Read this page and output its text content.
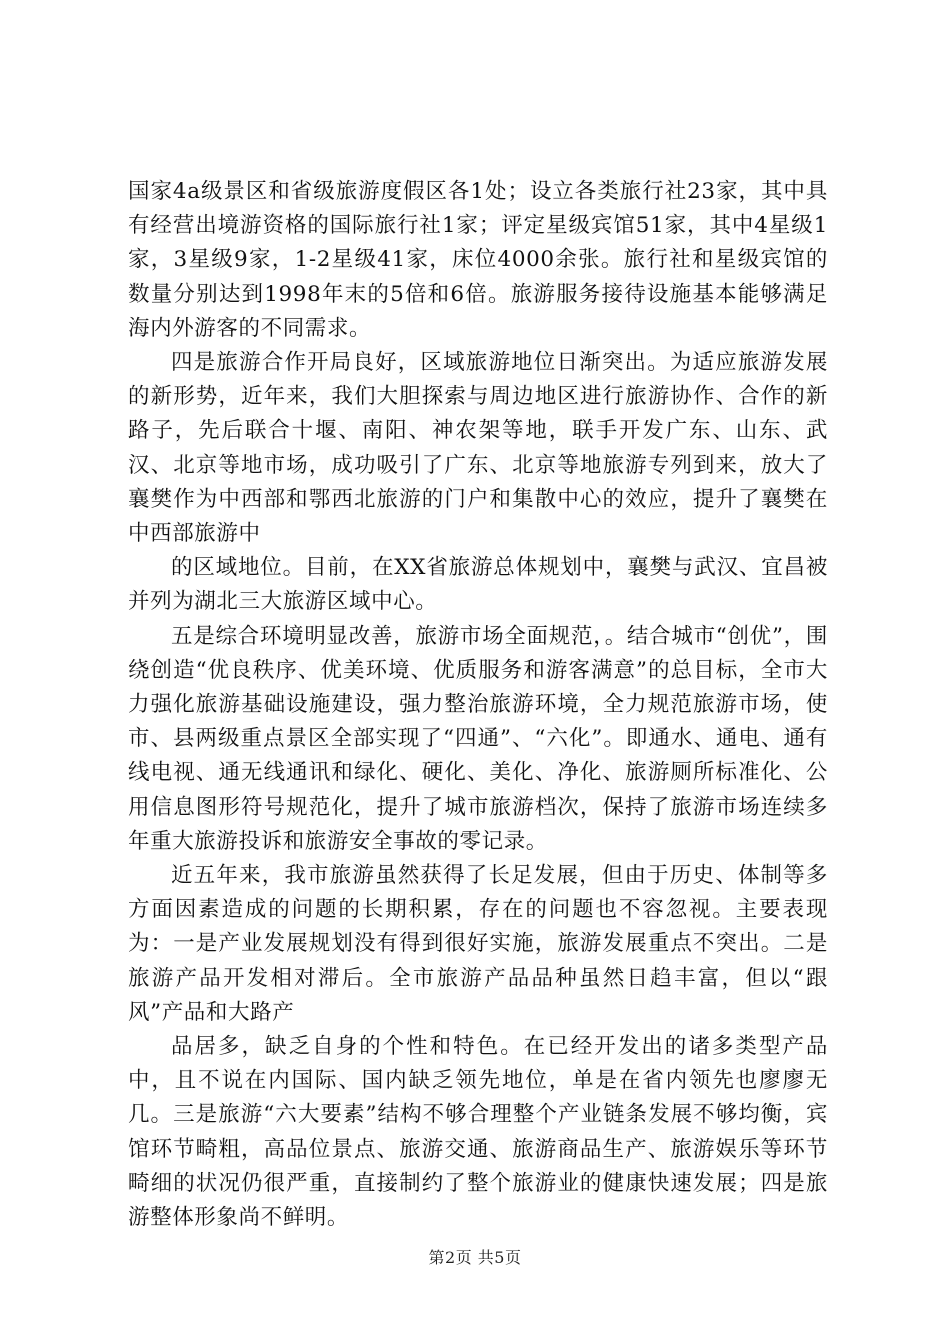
国家4a级景区和省级旅游度假区各1处；设立各类旅行社23家，其中具有经营出境游资格的国际旅行社1家；评定星级宾馆51家，其中4星级1家，3星级9家，1-2星级41家，床位4000余张。旅行社和星级宾馆的数量分别达到1998年末的5倍和6倍。旅游服务接待设施基本能够满足海内外游客的不同需求。

四是旅游合作开局良好，区域旅游地位日渐突出。为适应旅游发展的新形势，近年来，我们大胆探索与周边地区进行旅游协作、合作的新路子，先后联合十堰、南阳、神农架等地，联手开发广东、山东、武汉、北京等地市场，成功吸引了广东、北京等地旅游专列到来，放大了襄樊作为中西部和鄂西北旅游的门户和集散中心的效应，提升了襄樊在中西部旅游中

的区域地位。目前，在XX省旅游总体规划中，襄樊与武汉、宜昌被并列为湖北三大旅游区域中心。

五是综合环境明显改善，旅游市场全面规范，。结合城市“创优”，围绕创造“优良秩序、优美环境、优质服务和游客满意”的总目标，全市大力强化旅游基础设施建设，强力整治旅游环境，全力规范旅游市场，使市、县两级重点景区全部实现了“四通”、“六化”。即通水、通电、通有线电视、通无线通讯和绿化、硬化、美化、净化、旅游厕所标准化、公用信息图形符号规范化，提升了城市旅游档次，保持了旅游市场连续多年重大旅游投诉和旅游安全事故的零记录。

近五年来，我市旅游虽然获得了长足发展，但由于历史、体制等多方面因素造成的问题的长期积累，存在的问题也不容忽视。主要表现为：一是产业发展规划没有得到很好实施，旅游发展重点不突出。二是旅游产品开发相对滞后。全市旅游产品品种虽然日趋丰富，但以“跟风”产品和大路产

品居多，缺乏自身的个性和特色。在已经开发出的诸多类型产品中，且不说在内国际、国内缺乏领先地位，单是在省内领先也廖廖无几。三是旅游“六大要素”结构不够合理整个产业链条发展不够均衡，宾馆环节畸粗，高品位景点、旅游交通、旅游商品生产、旅游娱乐等环节畸细的状况仍很严重，直接制约了整个旅游业的健康快速发展；四是旅游整体形象尚不鲜明。

第2页 共5页
